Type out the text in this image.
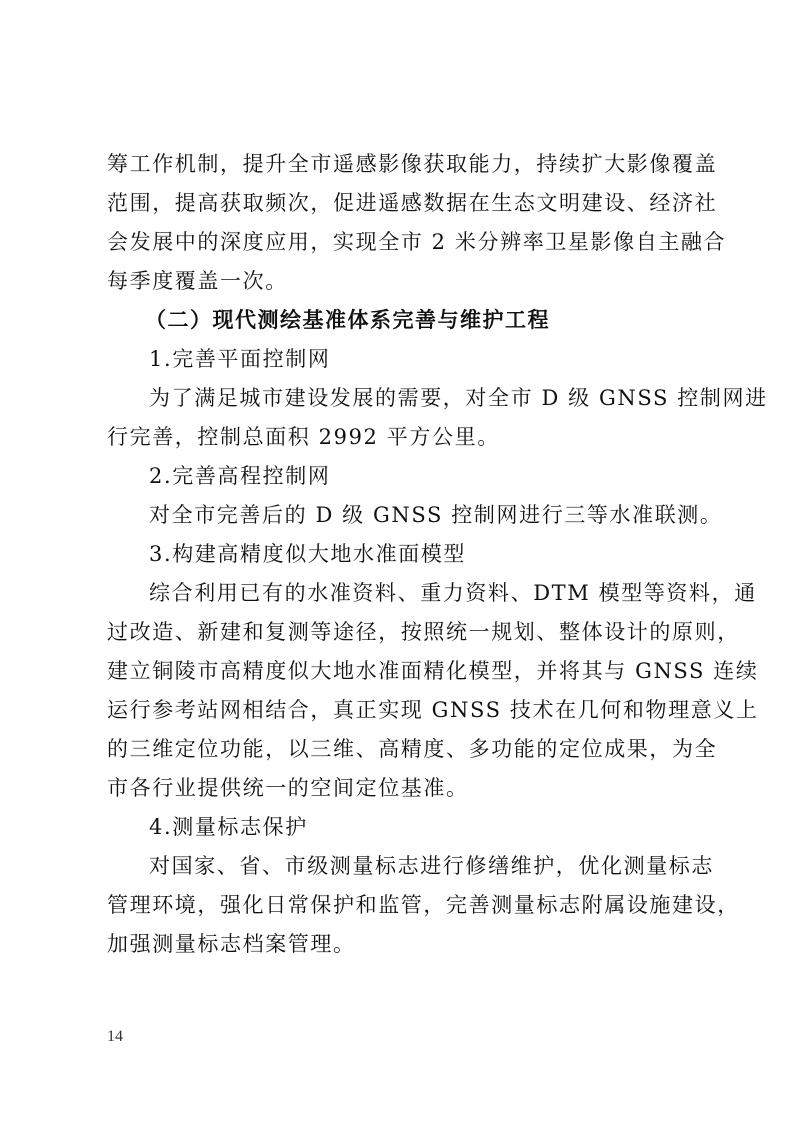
筹工作机制，提升全市遥感影像获取能力，持续扩大影像覆盖
范围，提高获取频次，促进遥感数据在生态文明建设、经济社
会发展中的深度应用，实现全市 2 米分辨率卫星影像自主融合
每季度覆盖一次。
（二）现代测绘基准体系完善与维护工程
1.完善平面控制网
为了满足城市建设发展的需要，对全市 D 级 GNSS 控制网进
行完善，控制总面积 2992 平方公里。
2.完善高程控制网
对全市完善后的 D 级 GNSS 控制网进行三等水准联测。
3.构建高精度似大地水准面模型
综合利用已有的水准资料、重力资料、DTM 模型等资料，通
过改造、新建和复测等途径，按照统一规划、整体设计的原则，
建立铜陵市高精度似大地水准面精化模型，并将其与 GNSS 连续
运行参考站网相结合，真正实现 GNSS 技术在几何和物理意义上
的三维定位功能，以三维、高精度、多功能的定位成果，为全
市各行业提供统一的空间定位基准。
4.测量标志保护
对国家、省、市级测量标志进行修缮维护，优化测量标志
管理环境，强化日常保护和监管，完善测量标志附属设施建设，
加强测量标志档案管理。
14
